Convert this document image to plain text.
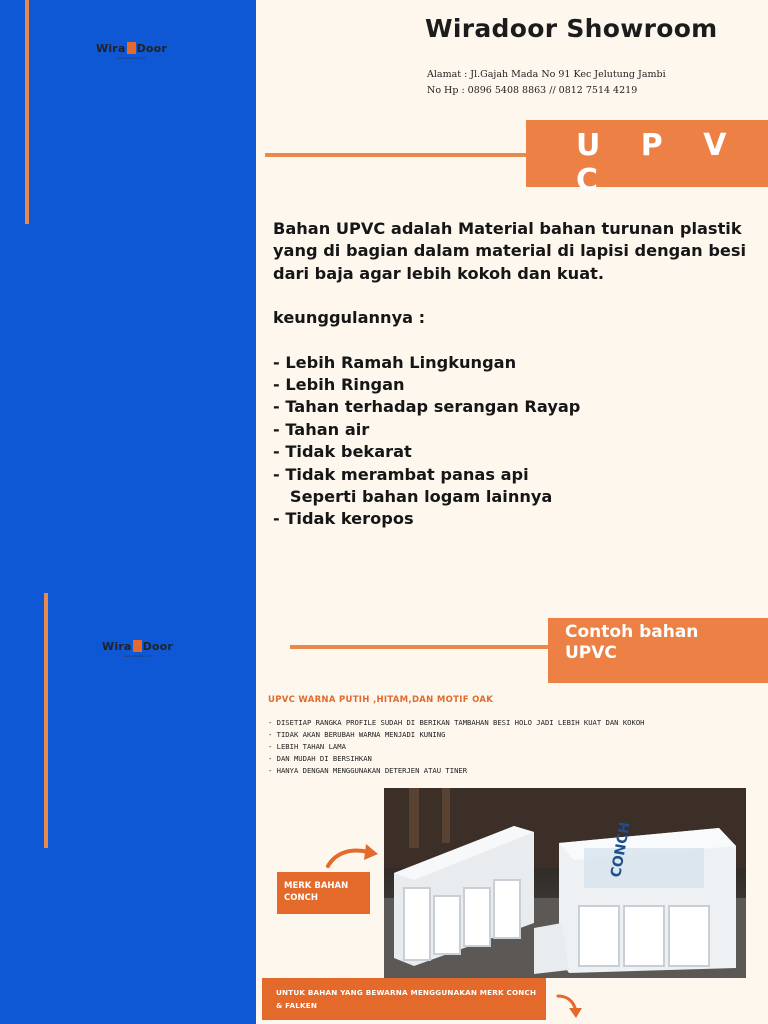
Wira Door
www.wiradoor.com
Wira Door
www.wiradoor.com
Wiradoor Showroom
Alamat : Jl.Gajah Mada No 91 Kec Jelutung Jambi
No Hp : 0896 5408 8863 // 0812 7514 4219
U P V C

Bahan UPVC adalah Material bahan turunan plastik yang di bagian dalam material di lapisi dengan besi dari baja agar lebih kokoh dan kuat.

keunggulannya :

- Lebih Ramah Lingkungan

- Lebih Ringan

- Tahan terhadap serangan Rayap

- Tahan air

- Tidak bekarat

- Tidak merambat panas api

Seperti bahan logam lainnya

- Tidak keropos

Contoh bahan UPVC
UPVC WARNA PUTIH ,HITAM,DAN MOTIF OAK
- DISETIAP RANGKA PROFILE SUDAH DI BERIKAN TAMBAHAN BESI HOLO JADI LEBIH KUAT DAN KOKOH
- TIDAK AKAN BERUBAH WARNA MENJADI KUNING
- LEBIH TAHAN LAMA
- DAN MUDAH DI BERSIHKAN
- HANYA DENGAN MENGGUNAKAN DETERJEN ATAU TINER
CONCH
MERK BAHAN CONCH
UNTUK BAHAN YANG BEWARNA MENGGUNAKAN MERK CONCH & FALKEN
